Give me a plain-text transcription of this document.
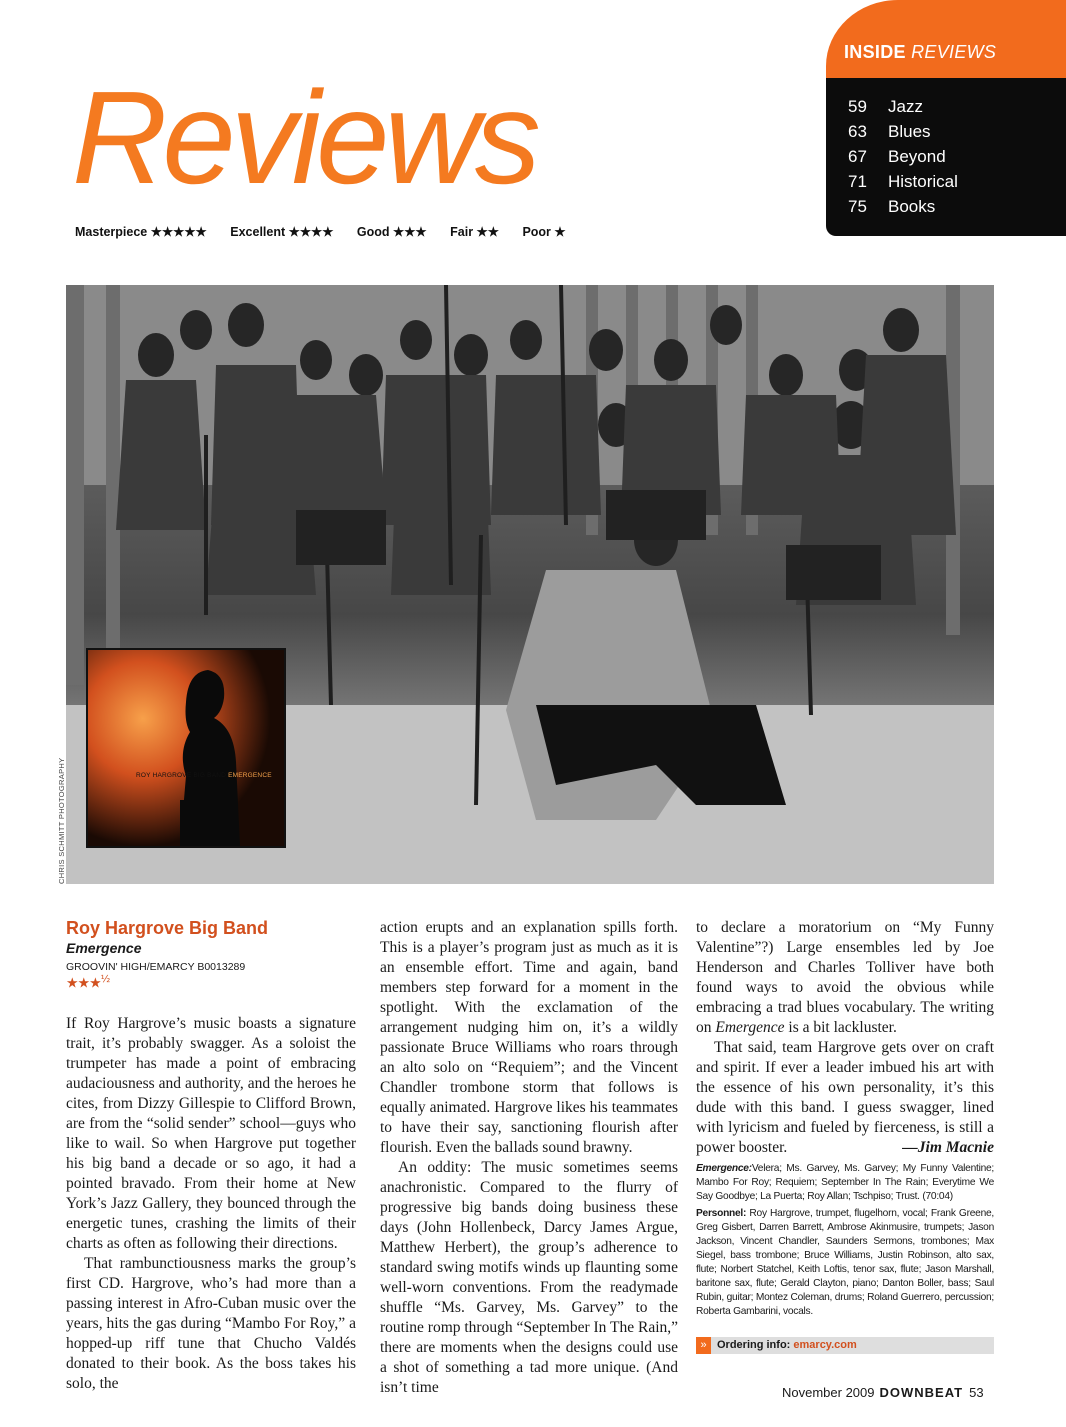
INSIDE REVIEWS
59 Jazz
63 Blues
67 Beyond
71 Historical
75 Books
Reviews
Masterpiece ★★★★★ Excellent ★★★★ Good ★★★ Fair ★★ Poor ★
CHRIS SCHMITT PHOTOGRAPHY	ROY HARGROVE BIG BAND EMERGENCE
Roy Hargrove Big Band
Emergence
GROOVIN' HIGH/EMARCY B0013289
★★★$^{\frac{1}{2}}$

If Roy Hargrove’s music boasts a signature trait, it’s probably swagger. As a soloist the trumpeter has made a point of embracing audaciousness and authority, and the heroes he cites, from Dizzy Gillespie to Clifford Brown, are from the “solid sender” school—guys who like to wail. So when Hargrove put together his big band a decade or so ago, it had a pointed bravado. From their home at New York’s Jazz Gallery, they bounced through the energetic tunes, crashing the limits of their charts as often as following their directions.

That rambunctiousness marks the group’s first CD. Hargrove, who’s had more than a passing interest in Afro-Cuban music over the years, hits the gas during “Mambo For Roy,” a hopped-up riff tune that Chucho Valdés donated to their book. As the boss takes his solo, the

action erupts and an explanation spills forth. This is a player’s program just as much as it is an ensemble effort. Time and again, band members step forward for a moment in the spotlight. With the exclamation of the arrangement nudging him on, it’s a wildly passionate Bruce Williams who roars through an alto solo on “Requiem”; and the Vincent Chandler trombone storm that follows is equally animated. Hargrove likes his teammates to have their say, sanctioning flourish after flourish. Even the ballads sound brawny.

An oddity: The music sometimes seems anachronistic. Compared to the flurry of progressive big bands doing business these days (John Hollenbeck, Darcy James Argue, Matthew Herbert), the group’s adherence to standard swing motifs winds up flaunting some well-worn conventions. From the readymade shuffle “Ms. Garvey, Ms. Garvey” to the routine romp through “September In The Rain,” there are moments when the designs could use a shot of something a tad more unique. (And isn’t time

to declare a moratorium on “My Funny Valentine”?) Large ensembles led by Joe Henderson and Charles Tolliver have both found ways to avoid the obvious while embracing a trad blues vocabulary. The writing on Emergence is a bit lackluster.

That said, team Hargrove gets over on craft and spirit. If ever a leader imbued his art with the essence of his own personality, it’s this dude with this band. I guess swagger, lined with lyricism and fueled by fierceness, is still a power booster.	—Jim Macnie

Emergence:Velera; Ms. Garvey, Ms. Garvey; My Funny Valentine; Mambo For Roy; Requiem; September In The Rain; Everytime We Say Goodbye; La Puerta; Roy Allan; Tschpiso; Trust. (70:04)

Personnel: Roy Hargrove, trumpet, flugelhorn, vocal; Frank Greene, Greg Gisbert, Darren Barrett, Ambrose Akinmusire, trumpets; Jason Jackson, Vincent Chandler, Saunders Sermons, trombones; Max Siegel, bass trombone; Bruce Williams, Justin Robinson, alto sax, flute; Norbert Statchel, Keith Loftis, tenor sax, flute; Jason Marshall, baritone sax, flute; Gerald Clayton, piano; Danton Boller, bass; Saul Rubin, guitar; Montez Coleman, drums; Roland Guerrero, percussion; Roberta Gambarini, vocals.

» Ordering info: emarcy.com
November 2009 DOWNBEAT 53
